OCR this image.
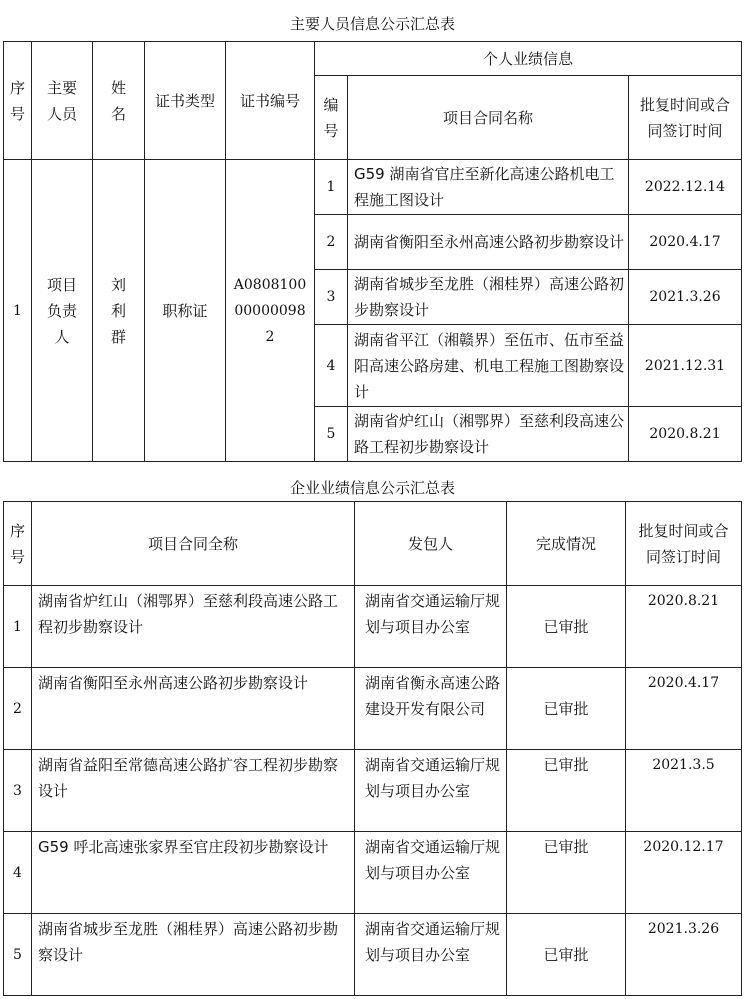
主要人员信息公示汇总表
序号	主要人员	姓名	证书类型	证书编号	个人业绩信息		
					编号	项目合同名称	批复时间或合同签订时间
1	项目负责人	刘利群	职称证	A0808100000000982	1	G59 湖南省官庄至新化高速公路机电工程施工图设计	2022.12.14
					2	湖南省衡阳至永州高速公路初步勘察设计	2020.4.17
					3	湖南省城步至龙胜（湘桂界）高速公路初步勘察设计	2021.3.26
					4	湖南省平江（湘赣界）至伍市、伍市至益阳高速公路房建、机电工程施工图勘察设计	2021.12.31
					5	湖南省炉红山（湘鄂界）至慈利段高速公路工程初步勘察设计	2020.8.21
企业业绩信息公示汇总表
序号	项目合同全称	发包人	完成情况	批复时间或合同签订时间
1	湖南省炉红山（湘鄂界）至慈利段高速公路工程初步勘察设计	湖南省交通运输厅规划与项目办公室	已审批	2020.8.21
2	湖南省衡阳至永州高速公路初步勘察设计	湖南省衡永高速公路建设开发有限公司	已审批	2020.4.17
3	湖南省益阳至常德高速公路扩容工程初步勘察设计	湖南省交通运输厅规划与项目办公室	已审批	2021.3.5
4	G59 呼北高速张家界至官庄段初步勘察设计	湖南省交通运输厅规划与项目办公室	已审批	2020.12.17
5	湖南省城步至龙胜（湘桂界）高速公路初步勘察设计	湖南省交通运输厅规划与项目办公室	已审批	2021.3.26
